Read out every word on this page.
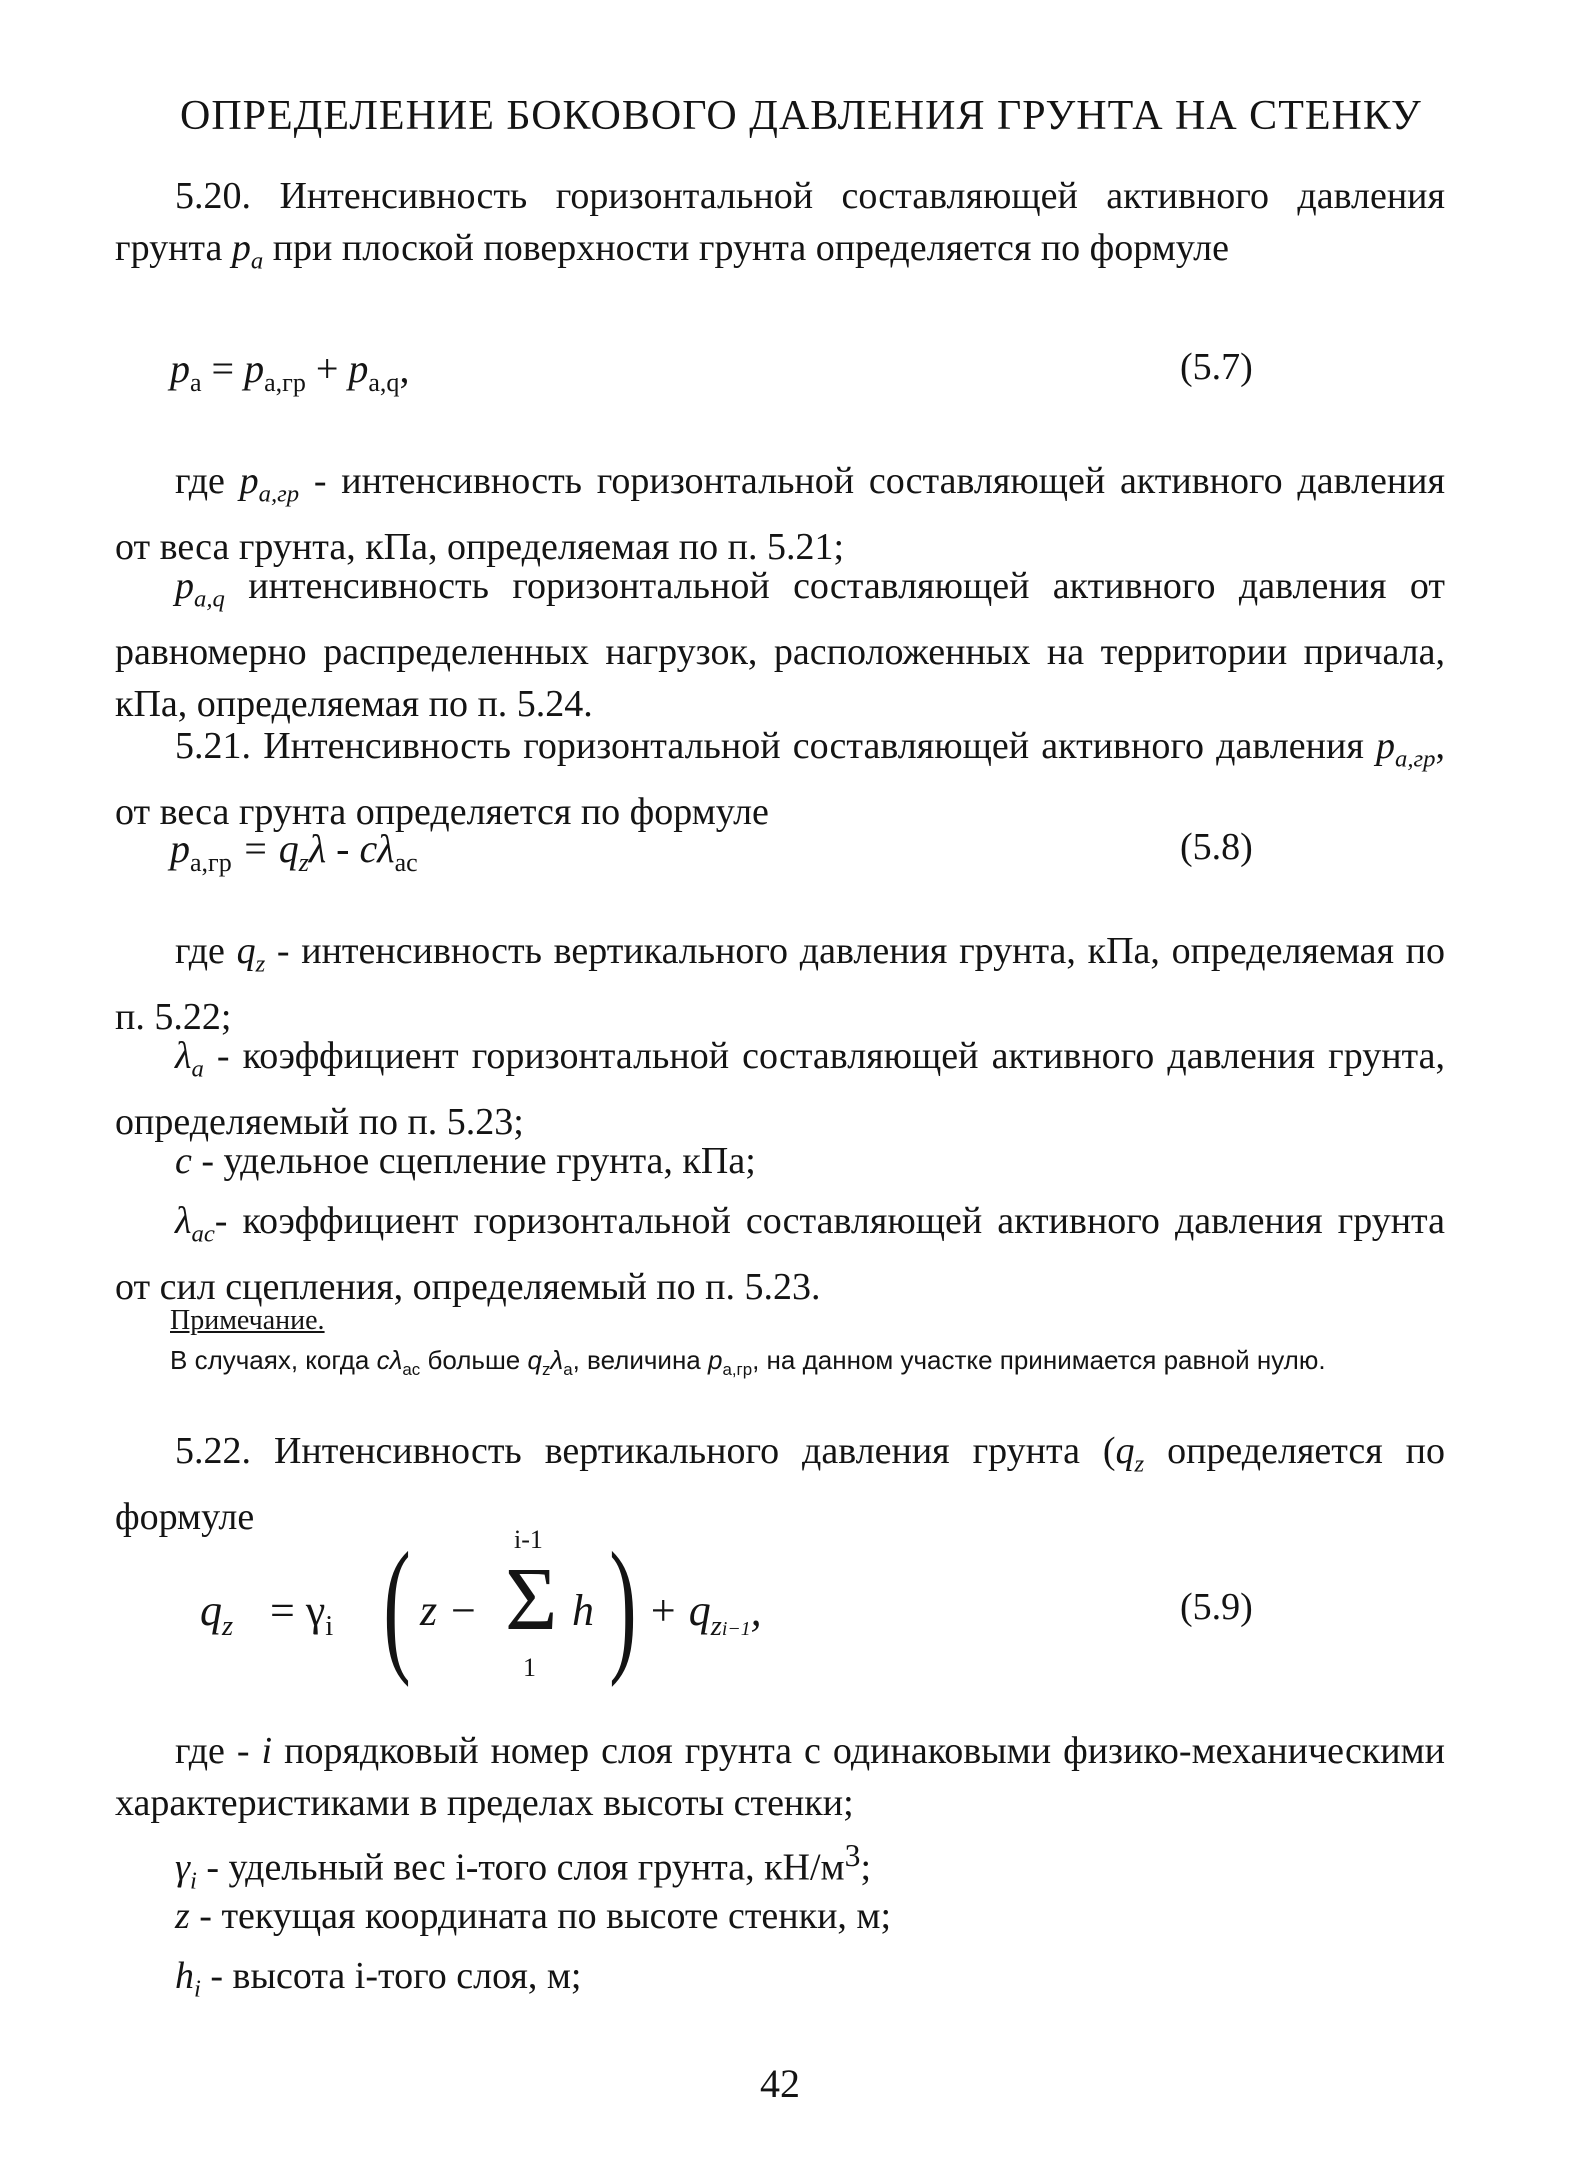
ОПРЕДЕЛЕНИЕ БОКОВОГО ДАВЛЕНИЯ ГРУНТА НА СТЕНКУ
5.20. Интенсивность горизонтальной составляющей активного давления грунта $p_a$ при плоской поверхности грунта определяется по формуле
$p_a = p_{a,гр} + p_{a,q}$,	(5.7)
где $p_{a,гр}$ - интенсивность горизонтальной составляющей активного давления от веса грунта, кПа, определяемая по п. 5.21;
$p_{a,q}$ интенсивность горизонтальной составляющей активного давления от равномерно распределенных нагрузок, расположенных на территории причала, кПа, определяемая по п. 5.24.
5.21. Интенсивность горизонтальной составляющей активного давления $p_{a,гр}$, от веса грунта определяется по формуле
$p_{a,гр} = q_z\lambda - c\lambda_{ac}$	(5.8)
где $q_z$ - интенсивность вертикального давления грунта, кПа, определяемая по п. 5.22;
$\lambda_a$ - коэффициент горизонтальной составляющей активного давления грунта, определяемый по п. 5.23;
c - удельное сцепление грунта, кПа;
$\lambda_{ac}-$ коэффициент горизонтальной составляющей активного давления грунта от сил сцепления, определяемый по п. 5.23.
Примечание.
В случаях, когда $c\lambda_{ac}$ больше $q_z\lambda_a$, величина $p_{a,гр}$, на данном участке принимается равной нулю.
5.22. Интенсивность вертикального давления грунта ($q_z$ определяется по формуле
$q_z = \gamma_i$ ( z −
i-1
Σ
1
h ) + $q_{zi-1}$,	(5.9)
где - i порядковый номер слоя грунта с одинаковыми физико-механическими характеристиками в пределах высоты стенки;
$\gamma_i$ - удельный вес i-того слоя грунта, $кН/м^3$;
z - текущая координата по высоте стенки, м;
$h_i$ - высота i-того слоя, м;
42
